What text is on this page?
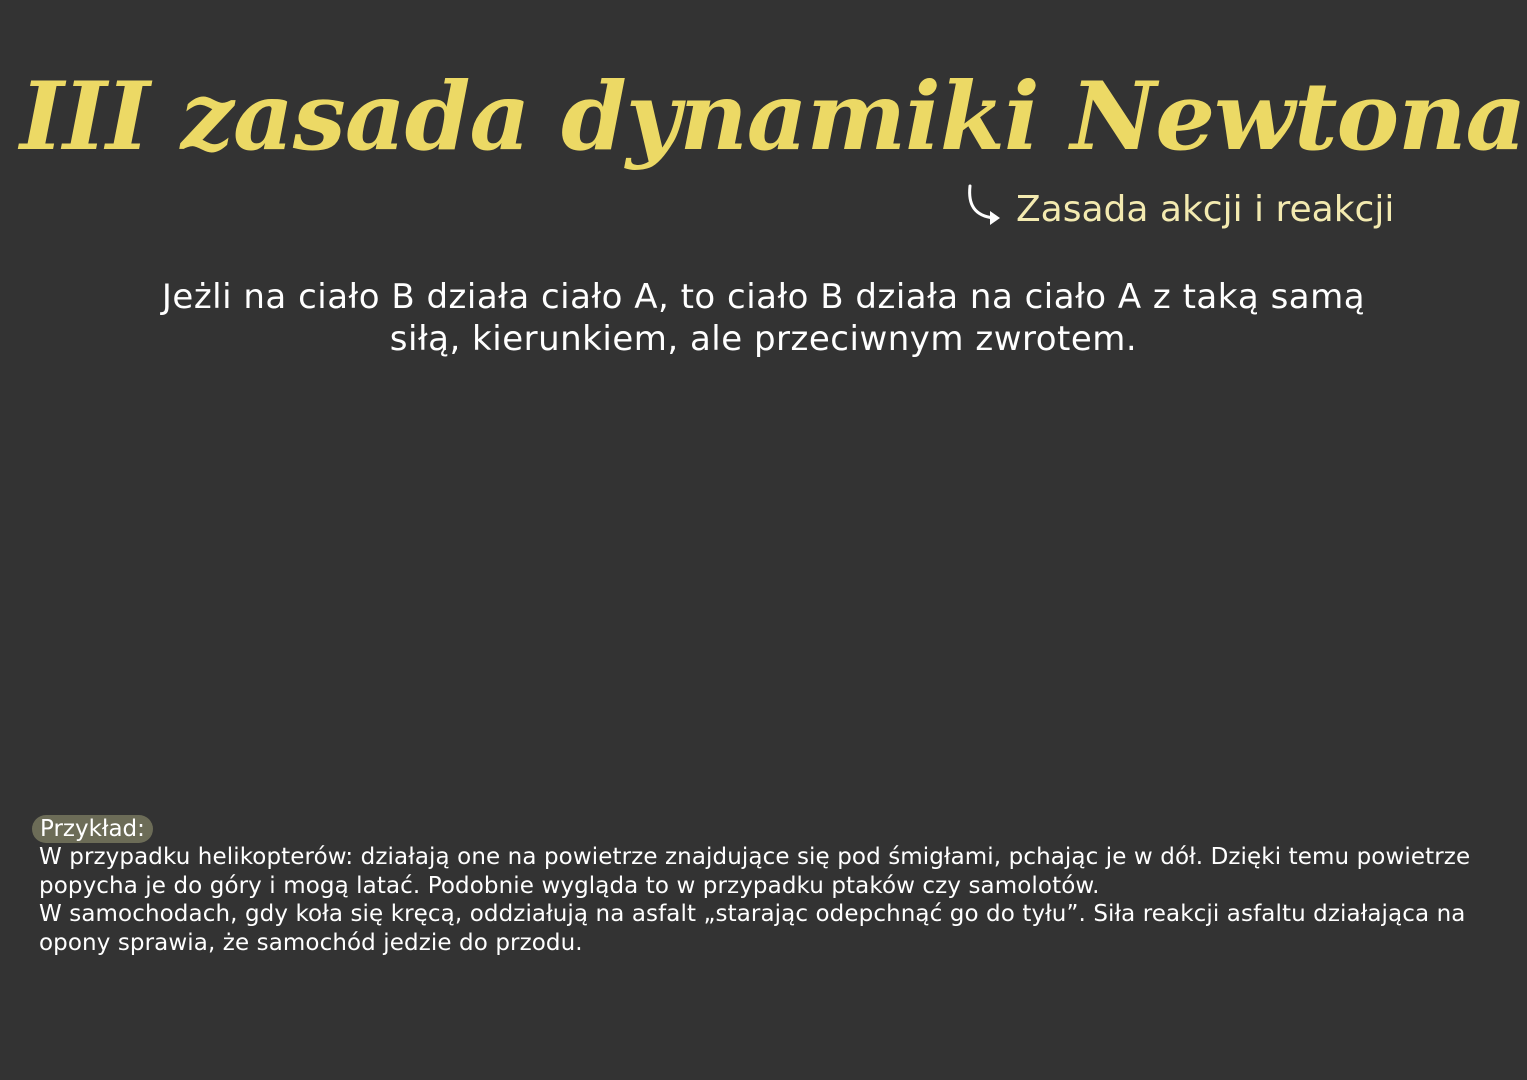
III zasada dynamiki Newtona
Zasada akcji i reakcji
Jeżli na ciało B działa ciało A, to ciało B działa na ciało A z taką samą
siłą, kierunkiem, ale przeciwnym zwrotem.
Przykład:

W przypadku helikopterów: działają one na powietrze znajdujące się pod śmigłami, pchając je w dół. Dzięki temu powietrze popycha je do góry i mogą latać. Podobnie wygląda to w przypadku ptaków czy samolotów.

W samochodach, gdy koła się kręcą, oddziałują na asfalt „starając odepchnąć go do tyłu”. Siła reakcji asfaltu działająca na opony sprawia, że samochód jedzie do przodu.
